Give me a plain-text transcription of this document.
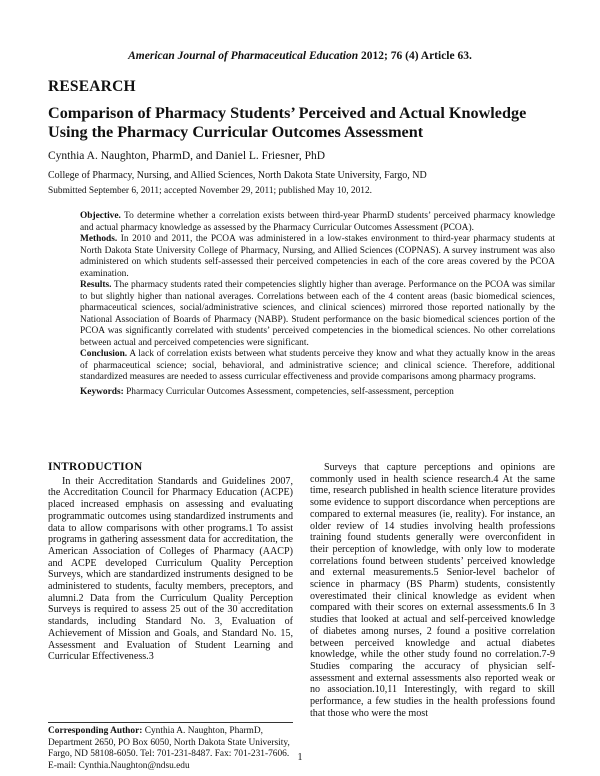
American Journal of Pharmaceutical Education 2012; 76 (4) Article 63.
RESEARCH
Comparison of Pharmacy Students’ Perceived and Actual Knowledge Using the Pharmacy Curricular Outcomes Assessment
Cynthia A. Naughton, PharmD, and Daniel L. Friesner, PhD
College of Pharmacy, Nursing, and Allied Sciences, North Dakota State University, Fargo, ND
Submitted September 6, 2011; accepted November 29, 2011; published May 10, 2012.

Objective. To determine whether a correlation exists between third-year PharmD students’ perceived pharmacy knowledge and actual pharmacy knowledge as assessed by the Pharmacy Curricular Outcomes Assessment (PCOA).

Methods. In 2010 and 2011, the PCOA was administered in a low-stakes environment to third-year pharmacy students at North Dakota State University College of Pharmacy, Nursing, and Allied Sciences (COPNAS). A survey instrument was also administered on which students self-assessed their perceived competencies in each of the core areas covered by the PCOA examination.

Results. The pharmacy students rated their competencies slightly higher than average. Performance on the PCOA was similar to but slightly higher than national averages. Correlations between each of the 4 content areas (basic biomedical sciences, pharmaceutical sciences, social/administrative sciences, and clinical sciences) mirrored those reported nationally by the National Association of Boards of Pharmacy (NABP). Student performance on the basic biomedical sciences portion of the PCOA was significantly correlated with students’ perceived competencies in the biomedical sciences. No other correlations between actual and perceived competencies were significant.

Conclusion. A lack of correlation exists between what students perceive they know and what they actually know in the areas of pharmaceutical science; social, behavioral, and administrative science; and clinical science. Therefore, additional standardized measures are needed to assess curricular effectiveness and provide comparisons among pharmacy programs.

Keywords: Pharmacy Curricular Outcomes Assessment, competencies, self-assessment, perception

INTRODUCTION

In their Accreditation Standards and Guidelines 2007, the Accreditation Council for Pharmacy Education (ACPE) placed increased emphasis on assessing and evaluating programmatic outcomes using standardized instruments and data to allow comparisons with other programs.1 To assist programs in gathering assessment data for accreditation, the American Association of Colleges of Pharmacy (AACP) and ACPE developed Curriculum Quality Perception Surveys, which are standardized instruments designed to be administered to students, faculty members, preceptors, and alumni.2 Data from the Curriculum Quality Perception Surveys is required to assess 25 out of the 30 accreditation standards, including Standard No. 3, Evaluation of Achievement of Mission and Goals, and Standard No. 15, Assessment and Evaluation of Student Learning and Curricular Effectiveness.3

Surveys that capture perceptions and opinions are commonly used in health science research.4 At the same time, research published in health science literature provides some evidence to support discordance when perceptions are compared to external measures (ie, reality). For instance, an older review of 14 studies involving health professions training found students generally were overconfident in their perception of knowledge, with only low to moderate correlations found between students’ perceived knowledge and external measurements.5 Senior-level bachelor of science in pharmacy (BS Pharm) students, consistently overestimated their clinical knowledge as evident when compared with their scores on external assessments.6 In 3 studies that looked at actual and self-perceived knowledge of diabetes among nurses, 2 found a positive correlation between perceived knowledge and actual diabetes knowledge, while the other study found no correlation.7-9 Studies comparing the accuracy of physician self-assessment and external assessments also reported weak or no association.10,11 Interestingly, with regard to skill performance, a few studies in the health professions found that those who were the most

Corresponding Author: Cynthia A. Naughton, PharmD, Department 2650, PO Box 6050, North Dakota State University, Fargo, ND 58108-6050. Tel: 701-231-8487. Fax: 701-231-7606. E-mail: Cynthia.Naughton@ndsu.edu
1
